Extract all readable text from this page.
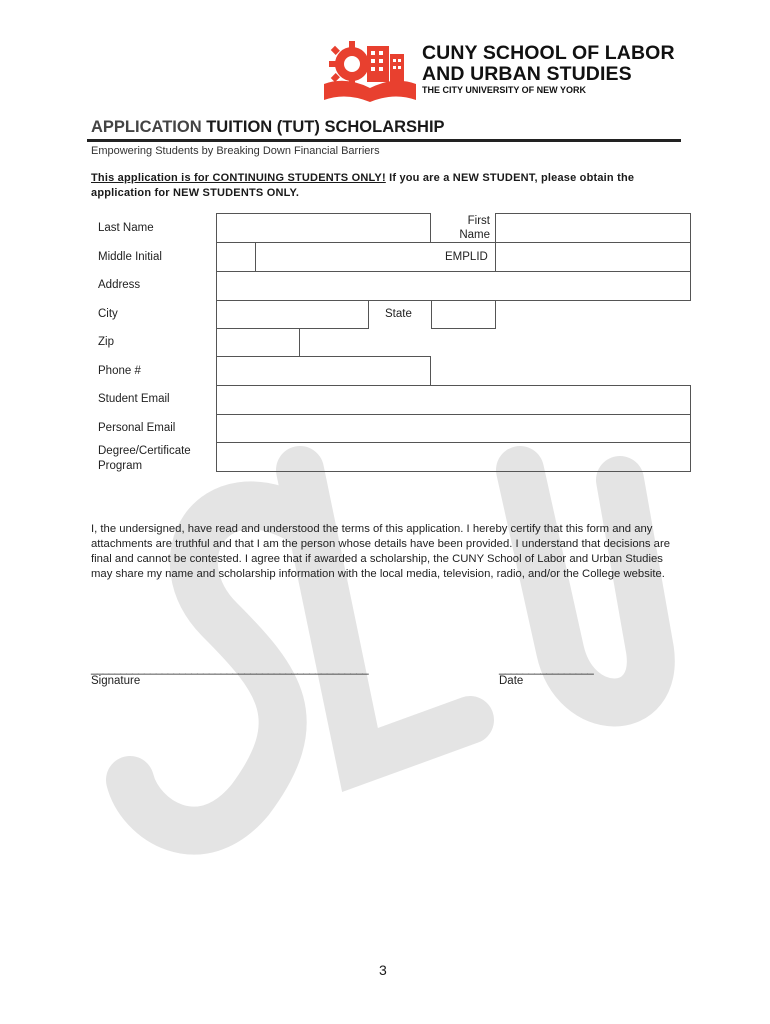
CUNY SCHOOL OF LABOR
AND URBAN STUDIES
THE CITY UNIVERSITY OF NEW YORK
APPLICATION TUITION (TUT) SCHOLARSHIP
Empowering Students by Breaking Down Financial Barriers
This application is for CONTINUING STUDENTS ONLY! If you are a NEW STUDENT, please obtain the application for NEW STUDENTS ONLY.
Last Name
First
Name
Middle Initial	EMPLID
Address
City	State
Zip
Phone #
Student Email
Personal Email
Degree/Certificate
Program
I, the undersigned, have read and understood the terms of this application. I hereby certify that this form and any attachments are truthful and that I am the person whose details have been provided. I understand that decisions are final and cannot be contested. I agree that if awarded a scholarship, the CUNY School of Labor and Urban Studies may share my name and scholarship information with the local media, television, radio, and/or the College website.
_______________________________________________
Signature
________________
Date
3
